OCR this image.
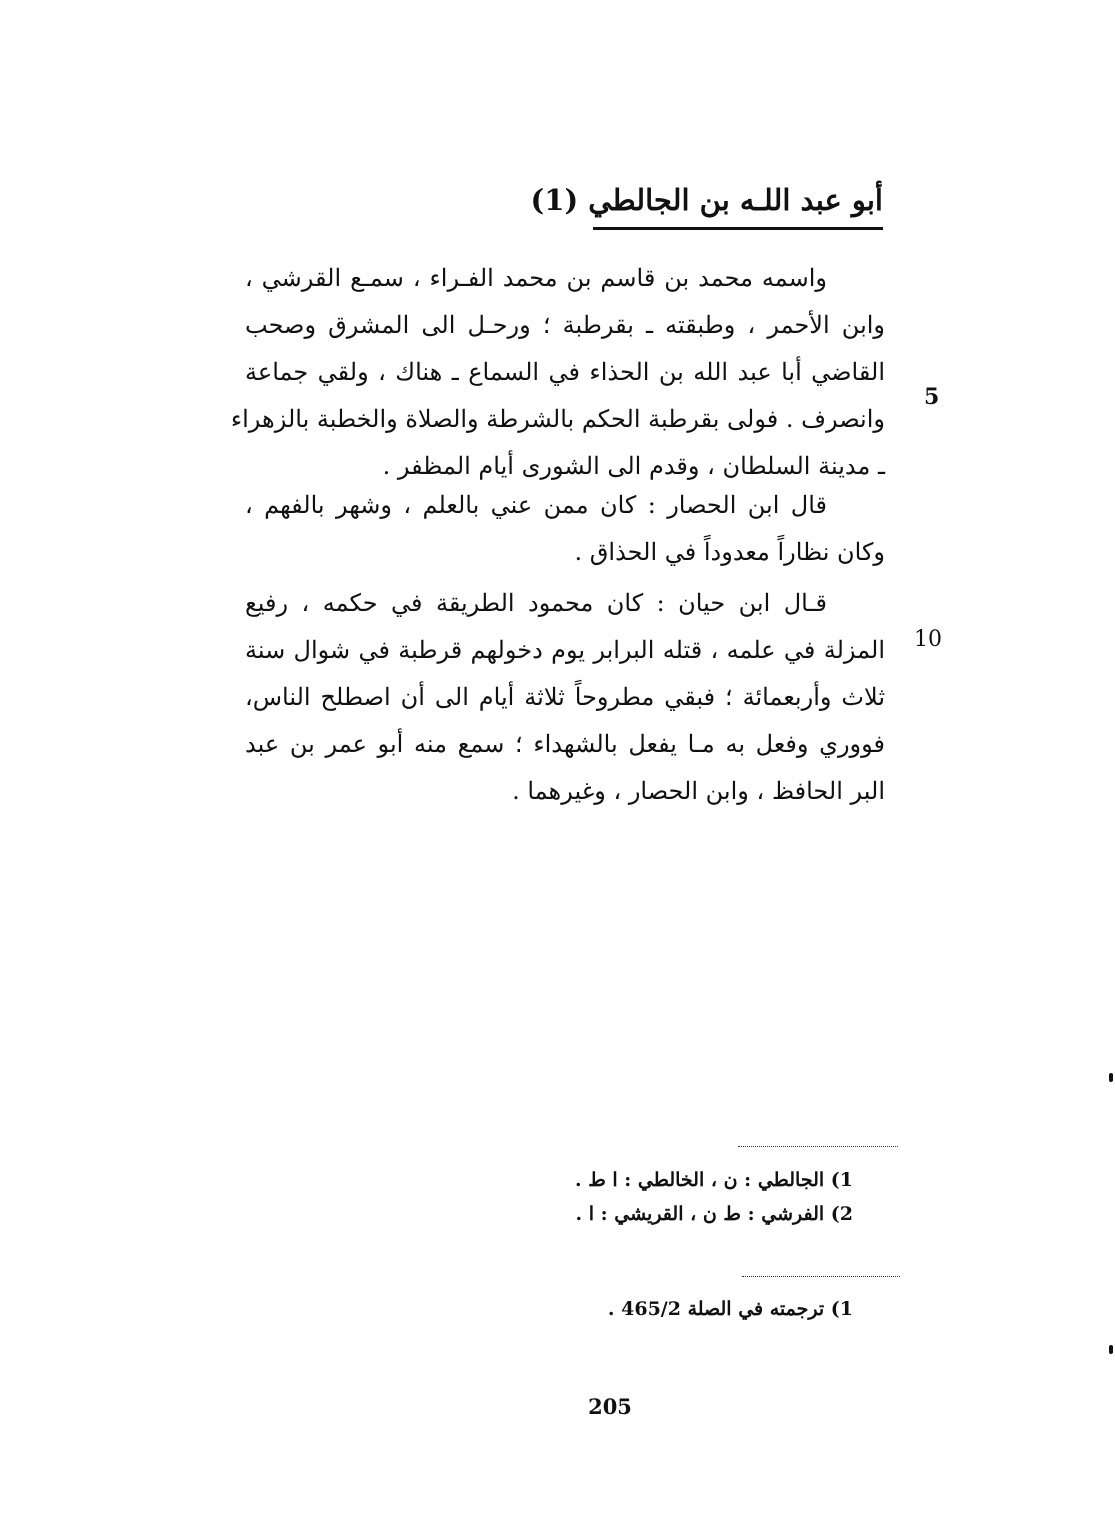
أبو عبد اللـه بن الجالطي (1)
واسمه محمد بن قاسم بن محمد الفـراء ، سمـع القرشي ،
وابن الأحمر ، وطبقته ـ بقرطبة ؛ ورحـل الى المشرق وصحب
القاضي أبا عبد الله بن الحذاء في السماع ـ هناك ، ولقي جماعة
وانصرف . فولى بقرطبة الحكم بالشرطة والصلاة والخطبة بالزهراء
ـ مدينة السلطان ، وقدم الى الشورى أيام المظفر .
قال ابن الحصار : كان ممن عني بالعلم ، وشهر بالفهم ،
وكان نظاراً معدوداً في الحذاق .
قـال ابن حيان : كان محمود الطريقة في حكمه ، رفيع
المزلة في علمه ، قتله البرابر يوم دخولهم قرطبة في شوال سنة
ثلاث وأربعمائة ؛ فبقي مطروحاً ثلاثة أيام الى أن اصطلح الناس،
فووري وفعل به مـا يفعل بالشهداء ؛ سمع منه أبو عمر بن عبد
البر الحافظ ، وابن الحصار ، وغيرهما .
5
10
1) الجالطي : ن ، الخالطي : ا ط .
2) الفرشي : ط ن ، القريشي : ا .
1) ترجمته في الصلة 465/2 .
205
